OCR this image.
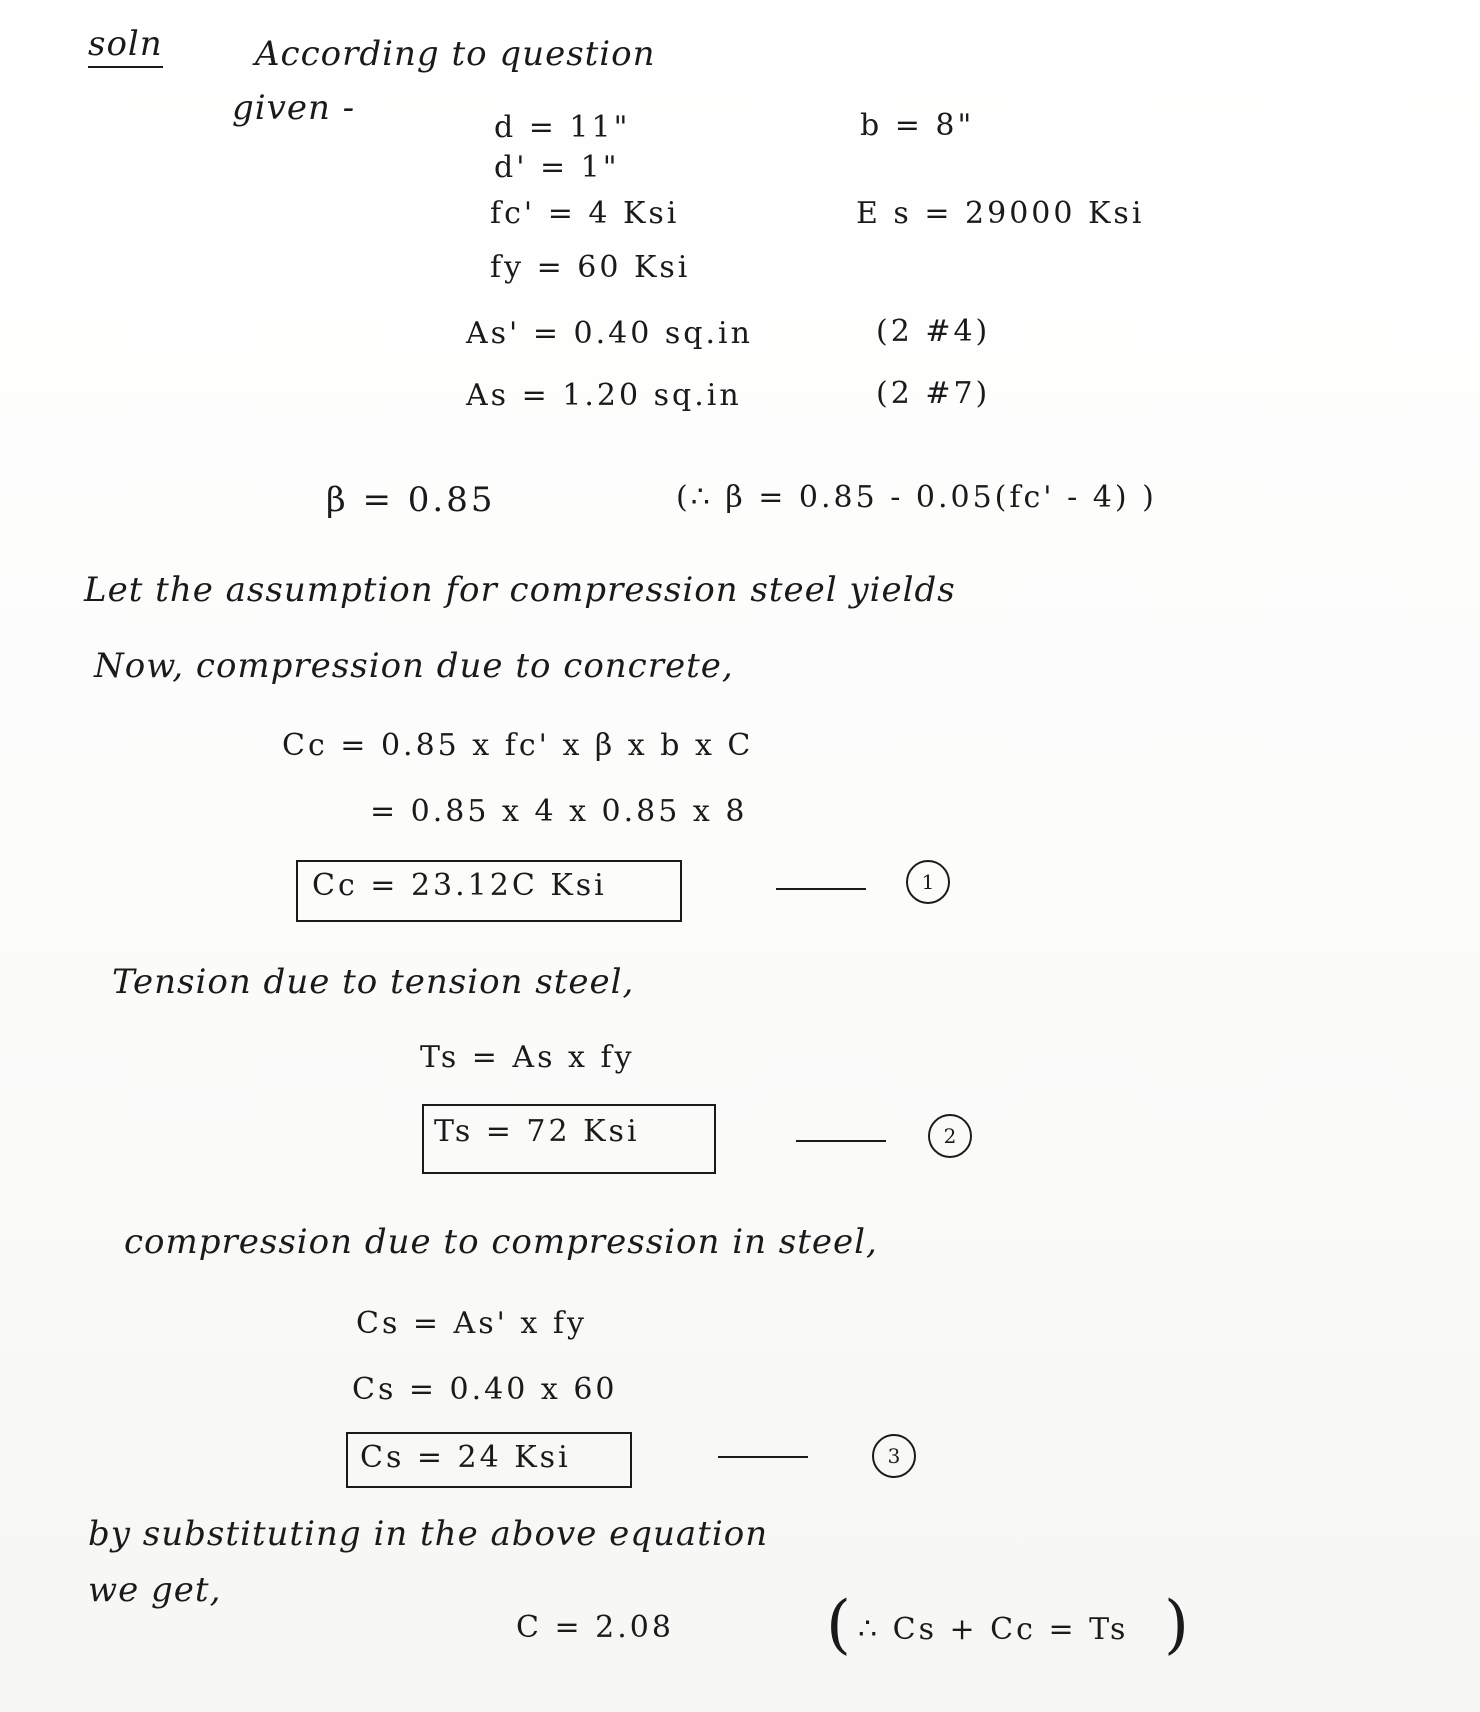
soln	According to question
given -	d = 11"	b = 8"
d' = 1"
fc' = 4 Ksi	E s = 29000 Ksi
fy = 60 Ksi
As' = 0.40 sq.in	(2 #4)
As = 1.20 sq.in	(2 #7)
β = 0.85	(∴ β = 0.85 - 0.05(fc' - 4) )
Let the assumption for compression steel yields
Now, compression due to concrete,
Cc = 0.85 x fc' x β x b x C
= 0.85 x 4 x 0.85 x 8
Cc = 23.12C Ksi	1
Tension due to tension steel,
Ts = As x fy
Ts = 72 Ksi	2
compression due to compression in steel,
Cs = As' x fy
Cs = 0.40 x 60
Cs = 24 Ksi	3
by substituting in the above equation
we get,
C = 2.08 ( ∴ Cs + Cc = Ts )
